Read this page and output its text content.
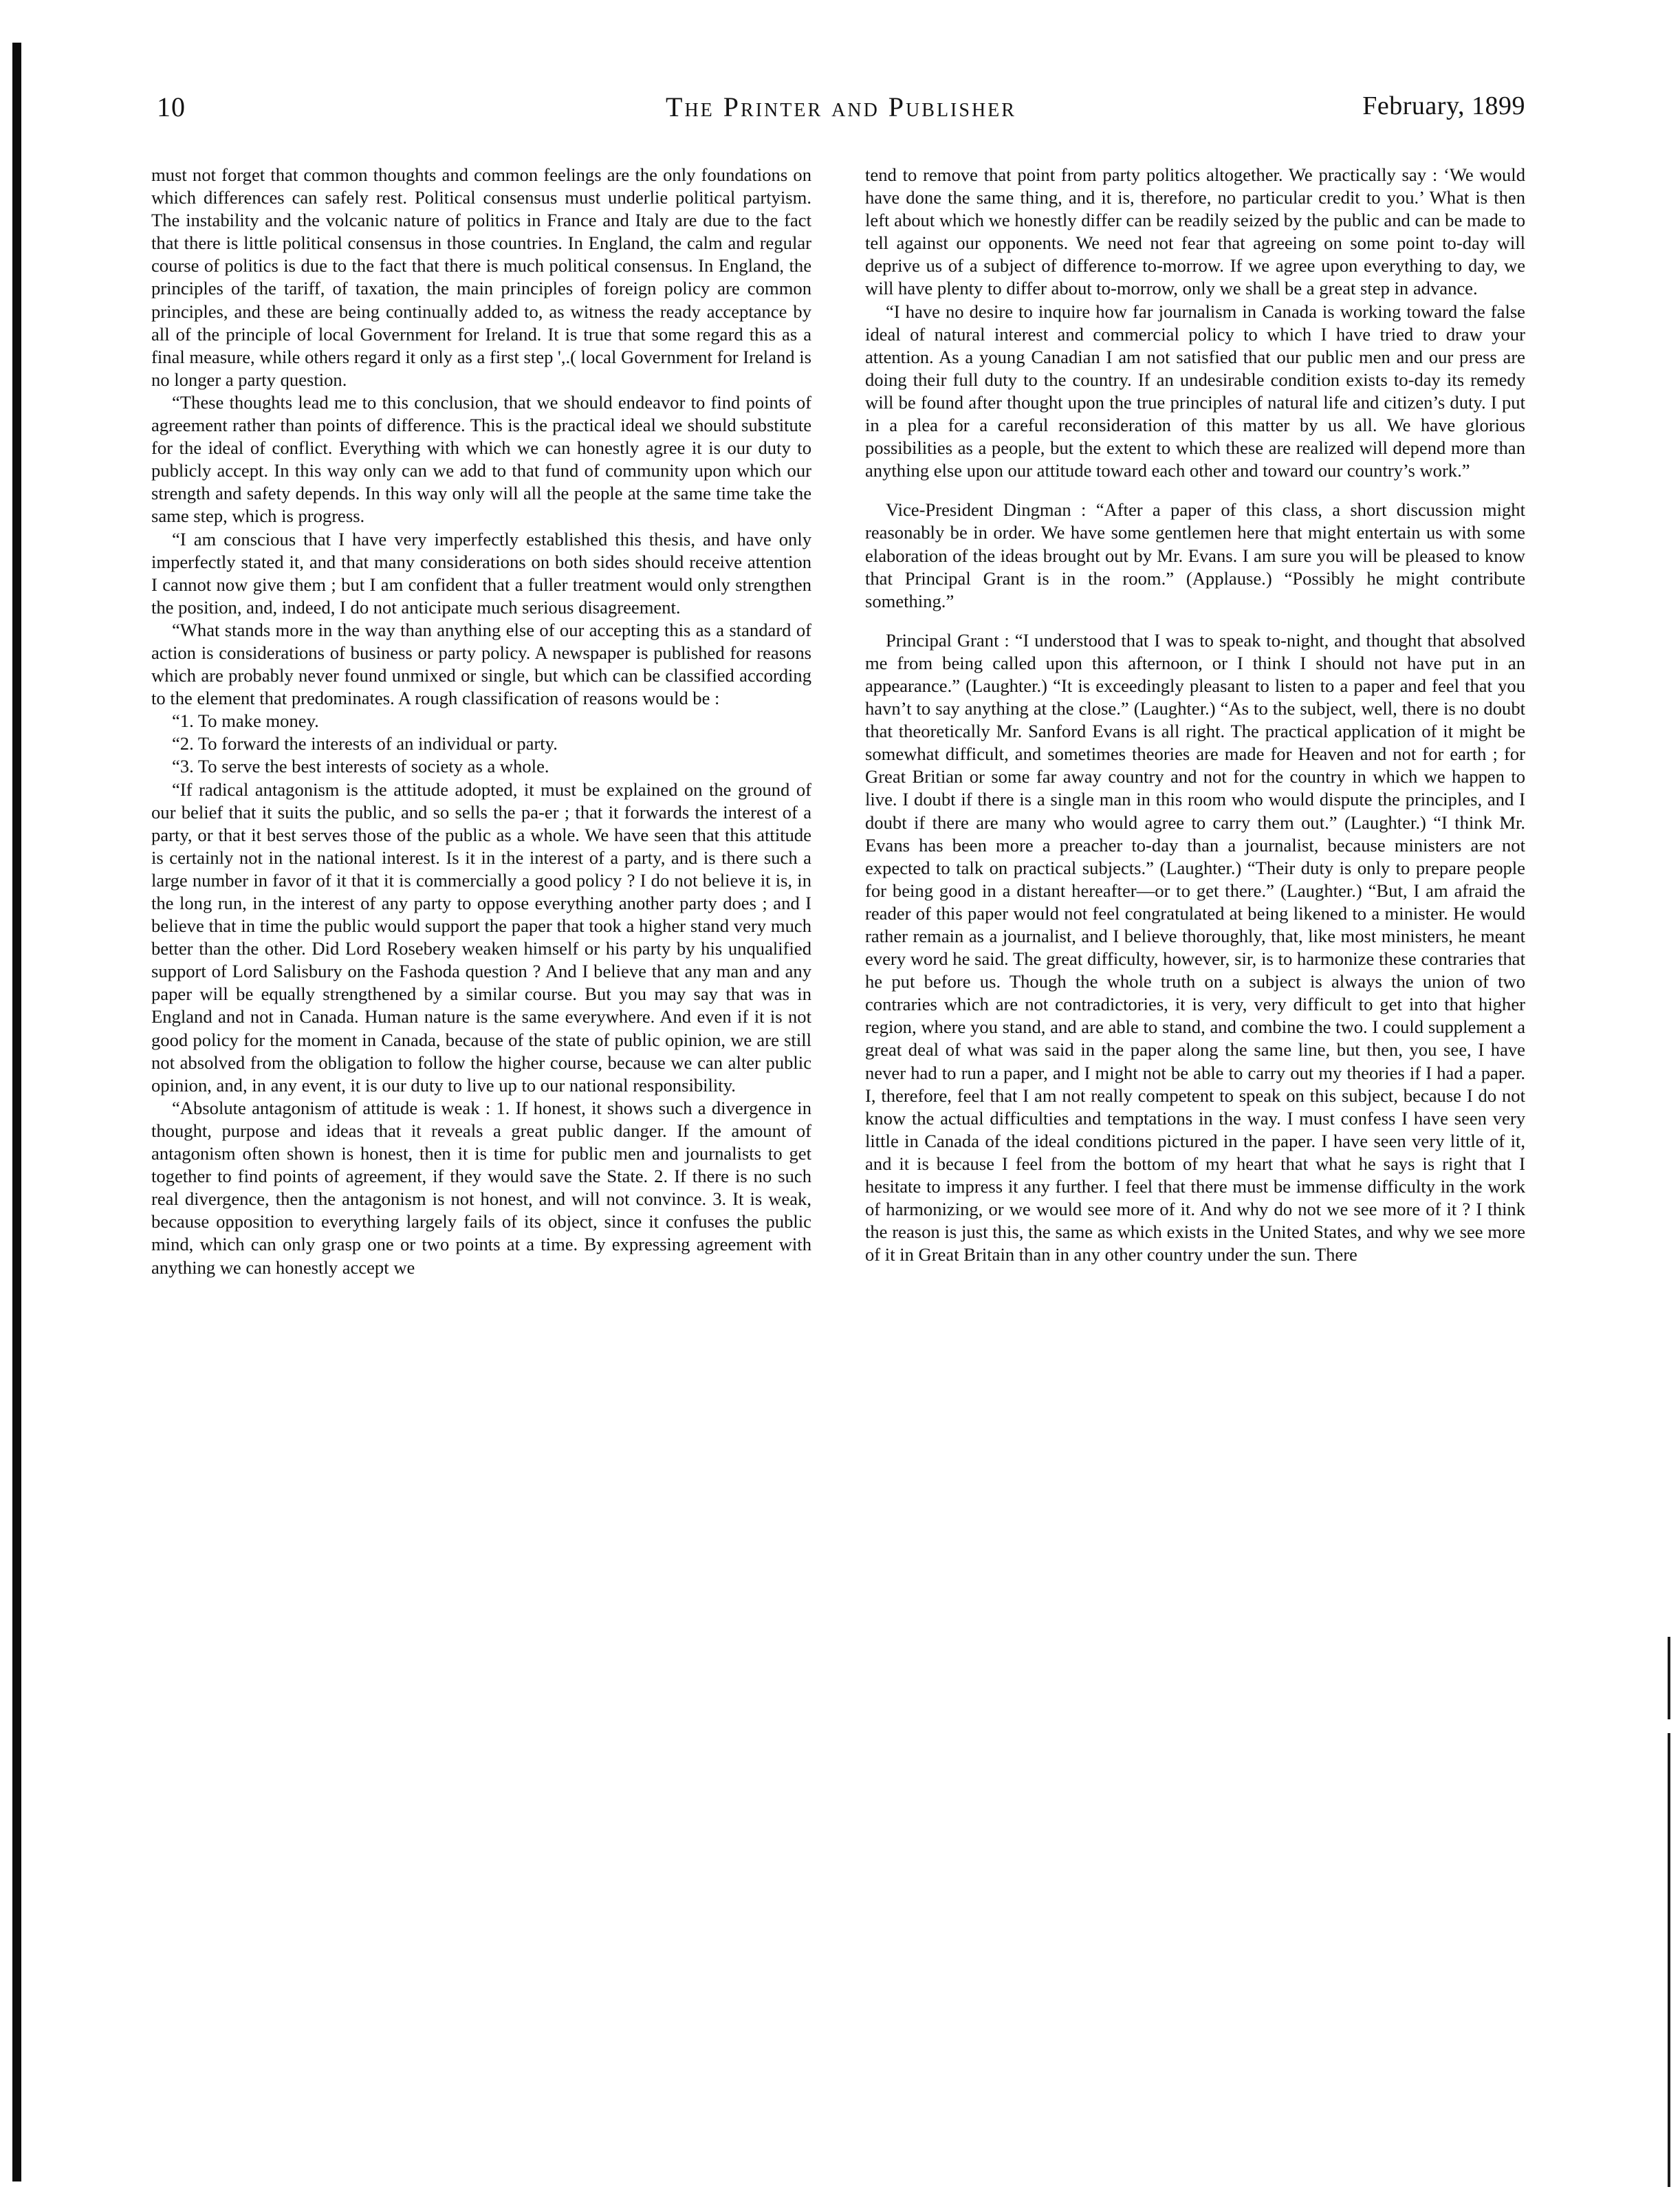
10	The Printer and Publisher	February, 1899

must not forget that common thoughts and common feelings are the only foundations on which differences can safely rest. Political consensus must underlie political partyism. The instability and the volcanic nature of politics in France and Italy are due to the fact that there is little political consensus in those countries. In England, the calm and regular course of politics is due to the fact that there is much political consensus. In England, the principles of the tariff, of taxation, the main principles of foreign policy are common principles, and these are being continually added to, as witness the ready acceptance by all of the principle of local Government for Ireland. It is true that some regard this as a final measure, while others regard it only as a first step ',.( local Government for Ireland is no longer a party question.

“These thoughts lead me to this conclusion, that we should endeavor to find points of agreement rather than points of difference. This is the practical ideal we should substitute for the ideal of conflict. Everything with which we can honestly agree it is our duty to publicly accept. In this way only can we add to that fund of community upon which our strength and safety depends. In this way only will all the people at the same time take the same step, which is progress.

“I am conscious that I have very imperfectly established this thesis, and have only imperfectly stated it, and that many considerations on both sides should receive attention I cannot now give them ; but I am confident that a fuller treatment would only strengthen the position, and, indeed, I do not anticipate much serious disagreement.

“What stands more in the way than anything else of our accepting this as a standard of action is considerations of business or party policy. A newspaper is published for reasons which are probably never found unmixed or single, but which can be classified according to the element that predominates. A rough classification of reasons would be :

“1. To make money.

“2. To forward the interests of an individual or party.

“3. To serve the best interests of society as a whole.

“If radical antagonism is the attitude adopted, it must be explained on the ground of our belief that it suits the public, and so sells the pa‐er ; that it forwards the interest of a party, or that it best serves those of the public as a whole. We have seen that this attitude is certainly not in the national interest. Is it in the interest of a party, and is there such a large number in favor of it that it is commercially a good policy ? I do not believe it is, in the long run, in the interest of any party to oppose everything another party does ; and I believe that in time the public would support the paper that took a higher stand very much better than the other. Did Lord Rosebery weaken himself or his party by his unqualified support of Lord Salisbury on the Fashoda question ? And I believe that any man and any paper will be equally strengthened by a similar course. But you may say that was in England and not in Canada. Human nature is the same everywhere. And even if it is not good policy for the moment in Canada, because of the state of public opinion, we are still not absolved from the obligation to follow the higher course, because we can alter public opinion, and, in any event, it is our duty to live up to our national responsibility.

“Absolute antagonism of attitude is weak : 1. If honest, it shows such a divergence in thought, purpose and ideas that it reveals a great public danger. If the amount of antagonism often shown is honest, then it is time for public men and journalists to get together to find points of agreement, if they would save the State. 2. If there is no such real divergence, then the antagonism is not honest, and will not convince. 3. It is weak, because opposition to everything largely fails of its object, since it confuses the public mind, which can only grasp one or two points at a time. By expressing agreement with anything we can honestly accept we

tend to remove that point from party politics altogether. We practically say : ‘We would have done the same thing, and it is, therefore, no particular credit to you.’ What is then left about which we honestly differ can be readily seized by the public and can be made to tell against our opponents. We need not fear that agreeing on some point to-day will deprive us of a subject of difference to-morrow. If we agree upon everything to day, we will have plenty to differ about to-morrow, only we shall be a great step in advance.

“I have no desire to inquire how far journalism in Canada is working toward the false ideal of natural interest and commercial policy to which I have tried to draw your attention. As a young Canadian I am not satisfied that our public men and our press are doing their full duty to the country. If an undesirable condition exists to-day its remedy will be found after thought upon the true principles of natural life and citizen’s duty. I put in a plea for a careful reconsideration of this matter by us all. We have glorious possibilities as a people, but the extent to which these are realized will depend more than anything else upon our attitude toward each other and toward our country’s work.”

Vice-President Dingman : “After a paper of this class, a short discussion might reasonably be in order. We have some gentlemen here that might entertain us with some elaboration of the ideas brought out by Mr. Evans. I am sure you will be pleased to know that Principal Grant is in the room.” (Applause.) “Possibly he might contribute something.”

Principal Grant : “I understood that I was to speak to-night, and thought that absolved me from being called upon this afternoon, or I think I should not have put in an appearance.” (Laughter.) “It is exceedingly pleasant to listen to a paper and feel that you havn’t to say anything at the close.” (Laughter.) “As to the subject, well, there is no doubt that theoretically Mr. Sanford Evans is all right. The practical application of it might be somewhat difficult, and sometimes theories are made for Heaven and not for earth ; for Great Britian or some far away country and not for the country in which we happen to live. I doubt if there is a single man in this room who would dispute the principles, and I doubt if there are many who would agree to carry them out.” (Laughter.) “I think Mr. Evans has been more a preacher to-day than a journalist, because ministers are not expected to talk on practical subjects.” (Laughter.) “Their duty is only to prepare people for being good in a distant hereafter—or to get there.” (Laughter.) “But, I am afraid the reader of this paper would not feel congratulated at being likened to a minister. He would rather remain as a journalist, and I believe thoroughly, that, like most ministers, he meant every word he said. The great difficulty, however, sir, is to harmonize these contraries that he put before us. Though the whole truth on a subject is always the union of two contraries which are not contradictories, it is very, very difficult to get into that higher region, where you stand, and are able to stand, and combine the two. I could supplement a great deal of what was said in the paper along the same line, but then, you see, I have never had to run a paper, and I might not be able to carry out my theories if I had a paper. I, therefore, feel that I am not really competent to speak on this subject, because I do not know the actual difficulties and temptations in the way. I must confess I have seen very little in Canada of the ideal conditions pictured in the paper. I have seen very little of it, and it is because I feel from the bottom of my heart that what he says is right that I hesitate to impress it any further. I feel that there must be immense difficulty in the work of harmonizing, or we would see more of it. And why do not we see more of it ? I think the reason is just this, the same as which exists in the United States, and why we see more of it in Great Britain than in any other country under the sun. There
